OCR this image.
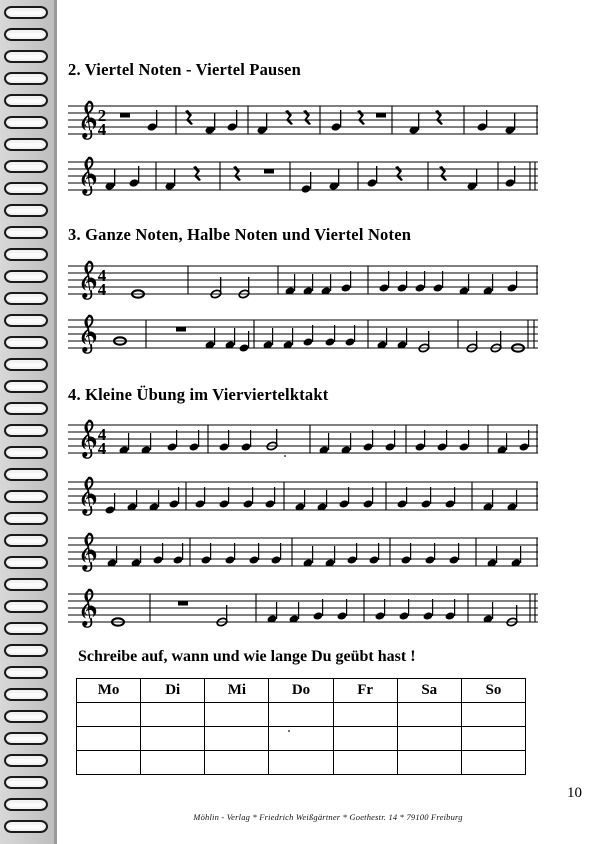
2. Viertel Noten - Viertel Pausen
2
4
3. Ganze Noten, Halbe Noten und Viertel Noten
4
4
4. Kleine Übung im Vierviertelktakt
4
4
Schreibe auf, wann und wie lange Du geübt hast !
Mo	Di	Mi	Do	Fr	Sa	So

10
Möhlin - Verlag * Friedrich Weißgärtner * Goethestr. 14 * 79100 Freiburg
